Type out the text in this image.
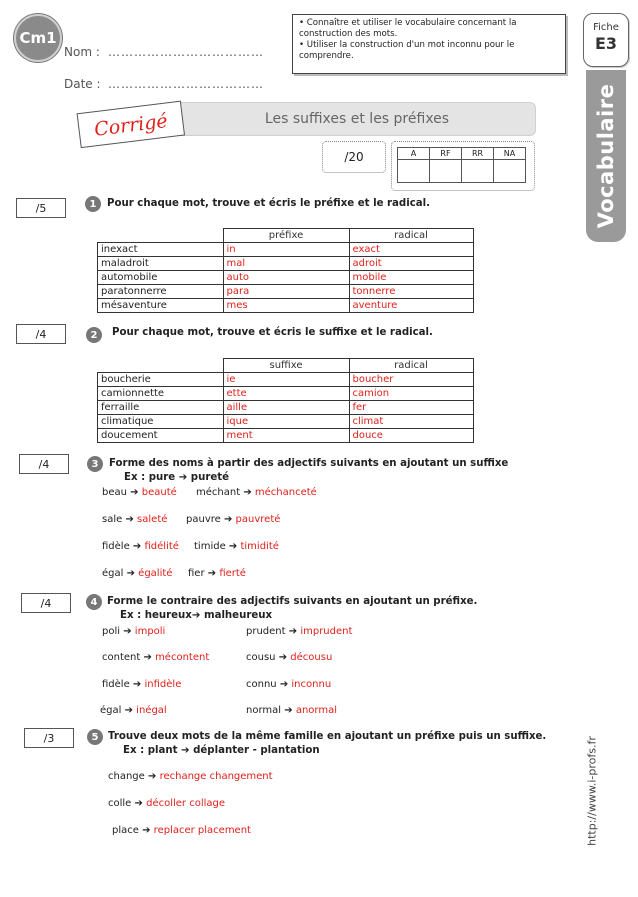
Cm1
Nom : ………………………………
Date : ………………………………
• Connaître et utiliser le vocabulaire concernant la construction des mots.
• Utiliser la construction d'un mot inconnu pour le comprendre.
Fiche
E3
Vocabulaire
Les suffixes et les préfixes
Corrigé
/20	A	RF	RR	NA

/5	1	Pour chaque mot, trouve et écris le préfixe et le radical.
	préfixe	radical
inexact	in	exact
maladroit	mal	adroit
automobile	auto	mobile
paratonnerre	para	tonnerre
mésaventure	mes	aventure
/4	2	Pour chaque mot, trouve et écris le suffixe et le radical.
	suffixe	radical
boucherie	ie	boucher
camionnette	ette	camion
ferraille	aille	fer
climatique	ique	climat
doucement	ment	douce
/4	3	Forme des noms à partir des adjectifs suivants en ajoutant un suffixe
Ex : pure ➔ pureté
beau ➔ beauté méchant ➔ méchanceté
sale ➔ saleté pauvre ➔ pauvreté
fidèle ➔ fidélité timide ➔ timidité
égal ➔ égalité fier ➔ fierté
/4	4 Forme le contraire des adjectifs suivants en ajoutant un préfixe.
Ex : heureux➔ malheureux
poli ➔ impoli	prudent ➔ imprudent
content ➔ mécontent	cousu ➔ décousu
fidèle ➔ infidèle	connu ➔ inconnu
égal ➔ inégal	normal ➔ anormal
/3	5 Trouve deux mots de la même famille en ajoutant un préfixe puis un suffixe.
Ex : plant ➔ déplanter - plantation
change ➔ rechange changement
colle ➔ décoller collage
place ➔ replacer placement	http://www.i-profs.fr
